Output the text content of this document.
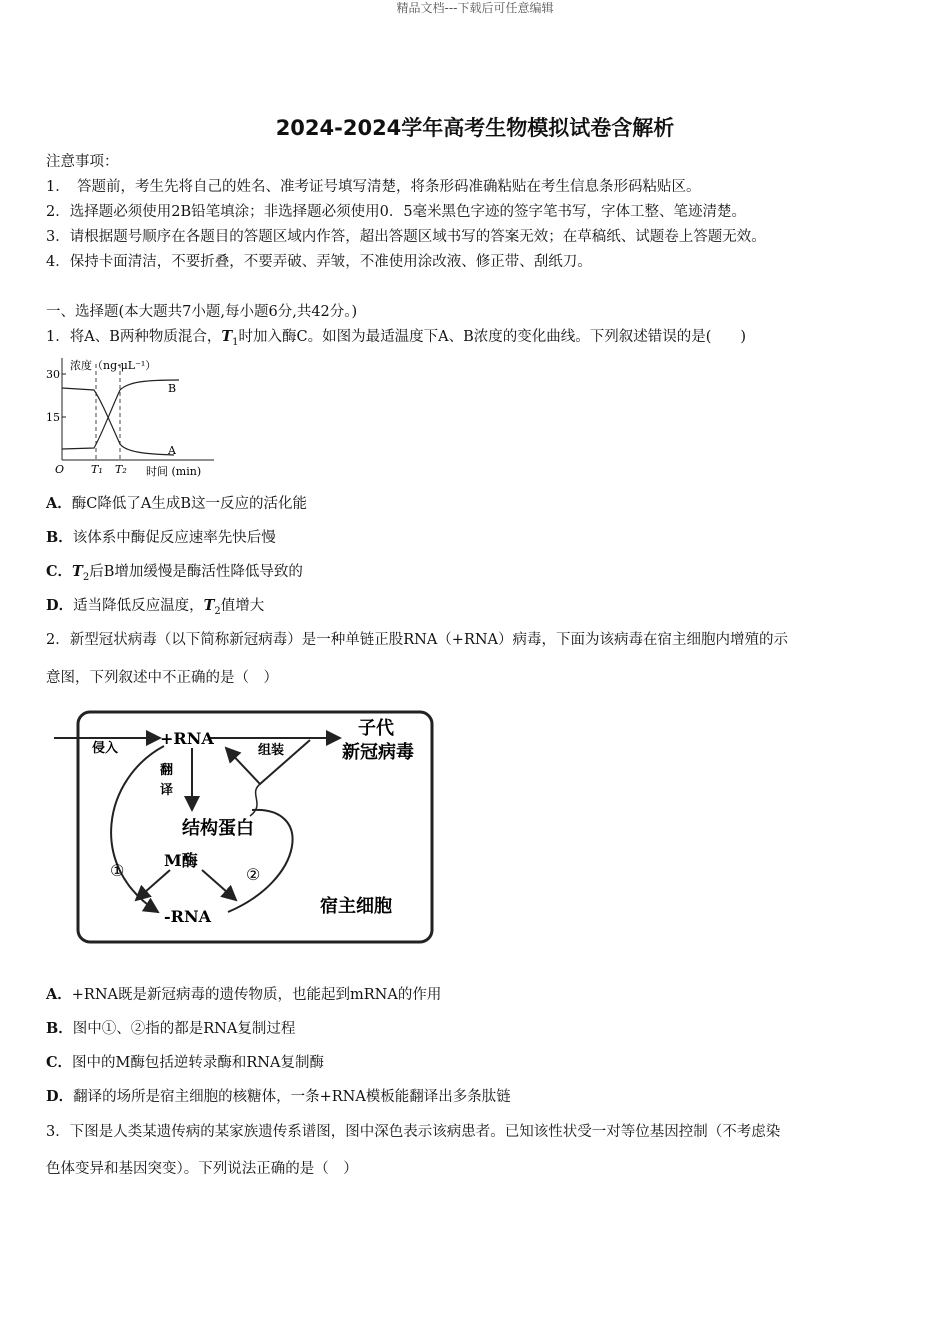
精品文档---下载后可任意编辑
2024-2024学年高考生物模拟试卷含解析
注意事项：
1．　答题前，考生先将自己的姓名、准考证号填写清楚，将条形码准确粘贴在考生信息条形码粘贴区。
2．选择题必须使用2B铅笔填涂；非选择题必须使用0．5毫米黑色字迹的签字笔书写，字体工整、笔迹清楚。
3．请根据题号顺序在各题目的答题区域内作答，超出答题区域书写的答案无效；在草稿纸、试题卷上答题无效。
4．保持卡面清洁，不要折叠，不要弄破、弄皱，不准使用涂改液、修正带、刮纸刀。
一、选择题(本大题共7小题,每小题6分,共42分。)
1．将A、B两种物质混合，$T_1$时加入酶C。如图为最适温度下A、B浓度的变化曲线。下列叙述错误的是(　　)
浓度（ng·μL⁻¹）
30
15
O T₁ T₂ 时间 (min)
B
A
A．酶C降低了A生成B这一反应的活化能
B．该体系中酶促反应速率先快后慢
C．$T_2$后B增加缓慢是酶活性降低导致的
D．适当降低反应温度，$T_2$值增大
2．新型冠状病毒（以下简称新冠病毒）是一种单链正股RNA（+RNA）病毒，下面为该病毒在宿主细胞内增殖的示
意图，下列叙述中不正确的是（　）
+RNA
侵入	组装
子代
新冠病毒
翻
译
结构蛋白
M酶
①	②
-RNA	宿主细胞
A．+RNA既是新冠病毒的遗传物质，也能起到mRNA的作用
B．图中①、②指的都是RNA复制过程
C．图中的M酶包括逆转录酶和RNA复制酶
D．翻译的场所是宿主细胞的核糖体，一条+RNA模板能翻译出多条肽链
3．下图是人类某遗传病的某家族遗传系谱图，图中深色表示该病患者。已知该性状受一对等位基因控制（不考虑染
色体变异和基因突变）。下列说法正确的是（　）
